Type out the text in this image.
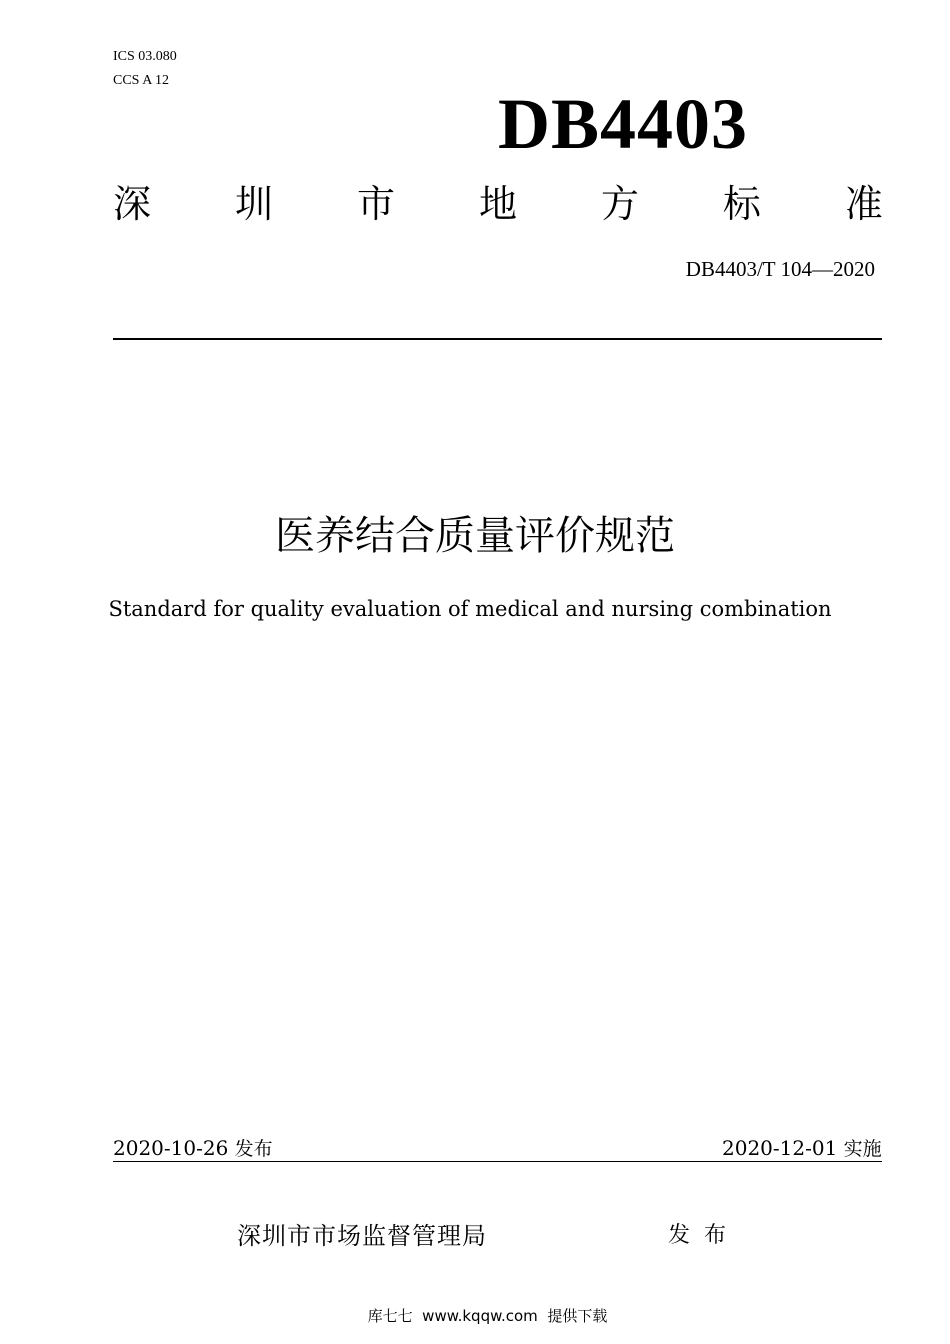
ICS 03.080
CCS A 12
DB4403
深 圳 市 地 方 标 准
DB4403/T 104—2020
医养结合质量评价规范
Standard for quality evaluation of medical and nursing combination
2020-10-26 发布	2020-12-01 实施
深圳市市场监督管理局	发  布
库七七  www.kqqw.com  提供下载
